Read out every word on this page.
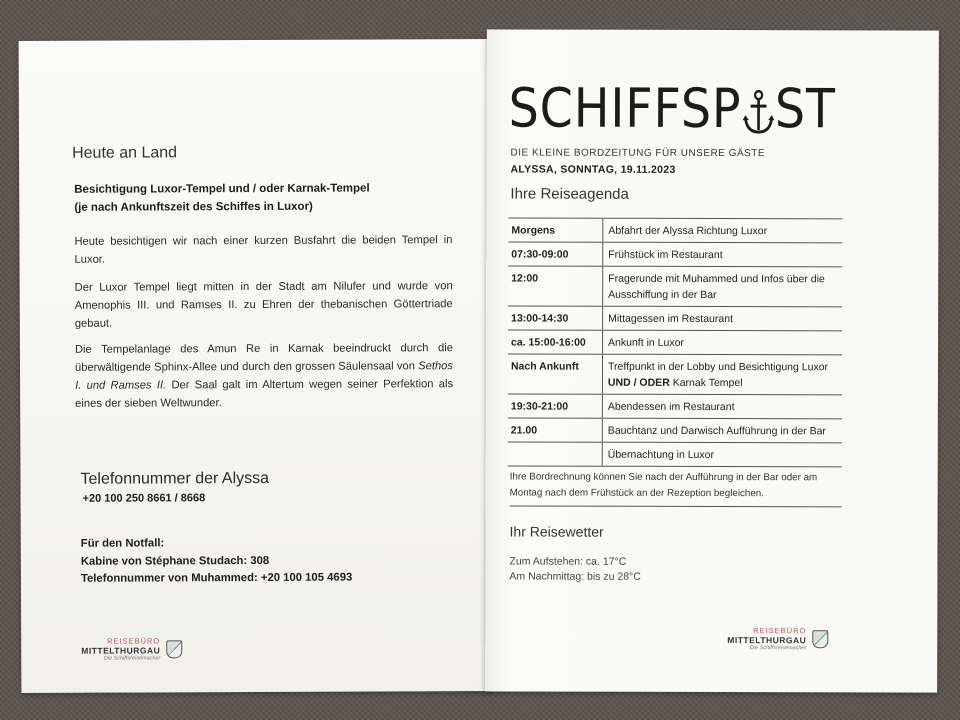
Heute an Land
Besichtigung Luxor-Tempel und / oder Karnak-Tempel
(je nach Ankunftszeit des Schiffes in Luxor)
Heute besichtigen wir nach einer kurzen Busfahrt die beiden Tempel in Luxor.
Der Luxor Tempel liegt mitten in der Stadt am Nilufer und wurde von Amenophis III. und Ramses II. zu Ehren der thebanischen Göttertriade gebaut.
Die Tempelanlage des Amun Re in Karnak beeindruckt durch die überwältigende Sphinx-Allee und durch den grossen Säulensaal von Sethos I. und Ramses II. Der Saal galt im Altertum wegen seiner Perfektion als eines der sieben Weltwunder.
Telefonnummer der Alyssa
+20 100 250 8661 / 8668
Für den Notfall:
Kabine von Stéphane Studach: 308
Telefonnummer von Muhammed: +20 100 105 4693
REISEBÜRO
MITTELTHURGAU
Die Schiffsreisemacher
SCHIFFSP ST
DIE KLEINE BORDZEITUNG FÜR UNSERE GÄSTE
ALYSSA, SONNTAG, 19.11.2023
Ihre Reiseagenda
Morgens	Abfahrt der Alyssa Richtung Luxor
07:30-09:00	Frühstück im Restaurant
12:00	Fragerunde mit Muhammed und Infos über die Ausschiffung in der Bar
13:00-14:30	Mittagessen im Restaurant
ca. 15:00-16:00	Ankunft in Luxor
Nach Ankunft	Treffpunkt in der Lobby und Besichtigung Luxor
UND / ODER Karnak Tempel
19:30-21:00	Abendessen im Restaurant
21.00	Bauchtanz und Darwisch Aufführung in der Bar
	Übernachtung in Luxor
Ihre Bordrechnung können Sie nach der Aufführung in der Bar oder am Montag nach dem Frühstück an der Rezeption begleichen.
Ihr Reisewetter
Zum Aufstehen: ca. 17°C
Am Nachmittag: bis zu 28°C
REISEBÜRO
MITTELTHURGAU
Die Schiffsreisemacher
